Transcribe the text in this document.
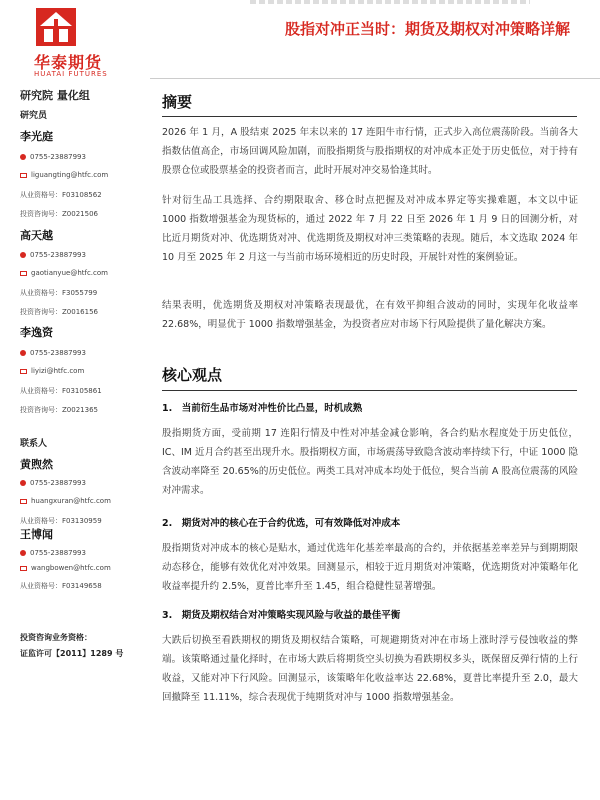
华泰期货
HUATAI FUTURES
研究院 量化组
研究员
李光庭
0755-23887993
liguangting@htfc.com
从业资格号：F03108562
投资咨询号：Z0021506
高天越
0755-23887993
gaotianyue@htfc.com
从业资格号：F3055799
投资咨询号：Z0016156
李逸资
0755-23887993
liyizi@htfc.com
从业资格号：F03105861
投资咨询号：Z0021365
联系人
黄煦然
0755-23887993
huangxuran@htfc.com
从业资格号：F03130959
王博闻
0755-23887993
wangbowen@htfc.com
从业资格号：F03149658
投资咨询业务资格：
证监许可【2011】1289 号
股指对冲正当时：期货及期权对冲策略详解
摘要
2026 年 1 月，A 股结束 2025 年末以来的 17 连阳牛市行情，正式步入高位震荡阶段。当前各大指数估值高企，市场回调风险加剧，而股指期货与股指期权的对冲成本正处于历史低位，对于持有股票仓位或股票基金的投资者而言，此时开展对冲交易恰逢其时。
针对衍生品工具选择、合约期限取舍、移仓时点把握及对冲成本界定等实操难题，本文以中证 1000 指数增强基金为现货标的，通过 2022 年 7 月 22 日至 2026 年 1 月 9 日的回测分析，对比近月期货对冲、优选期货对冲、优选期货及期权对冲三类策略的表现。随后，本文选取 2024 年 10 月至 2025 年 2 月这一与当前市场环境相近的历史时段，开展针对性的案例验证。
结果表明，优选期货及期权对冲策略表现最优，在有效平抑组合波动的同时，实现年化收益率 22.68%，明显优于 1000 指数增强基金，为投资者应对市场下行风险提供了量化解决方案。
核心观点
1.　当前衍生品市场对冲性价比凸显，时机成熟
股指期货方面，受前期 17 连阳行情及中性对冲基金减仓影响，各合约贴水程度处于历史低位，IC、IM 近月合约甚至出现升水。股指期权方面，市场震荡导致隐含波动率持续下行，中证 1000 隐含波动率降至 20.65%的历史低位。两类工具对冲成本均处于低位，契合当前 A 股高位震荡的风险对冲需求。
2.　期货对冲的核心在于合约优选，可有效降低对冲成本
股指期货对冲成本的核心是贴水，通过优选年化基差率最高的合约，并依据基差率差异与到期期限动态移仓，能够有效优化对冲效果。回测显示，相较于近月期货对冲策略，优选期货对冲策略年化收益率提升约 2.5%，夏普比率升至 1.45，组合稳健性显著增强。
3.　期货及期权结合对冲策略实现风险与收益的最佳平衡
大跌后切换至看跌期权的期货及期权结合策略，可规避期货对冲在市场上涨时浮亏侵蚀收益的弊端。该策略通过量化择时，在市场大跌后将期货空头切换为看跌期权多头，既保留反弹行情的上行收益，又能对冲下行风险。回测显示，该策略年化收益率达 22.68%，夏普比率提升至 2.0，最大回撤降至 11.11%，综合表现优于纯期货对冲与 1000 指数增强基金。
